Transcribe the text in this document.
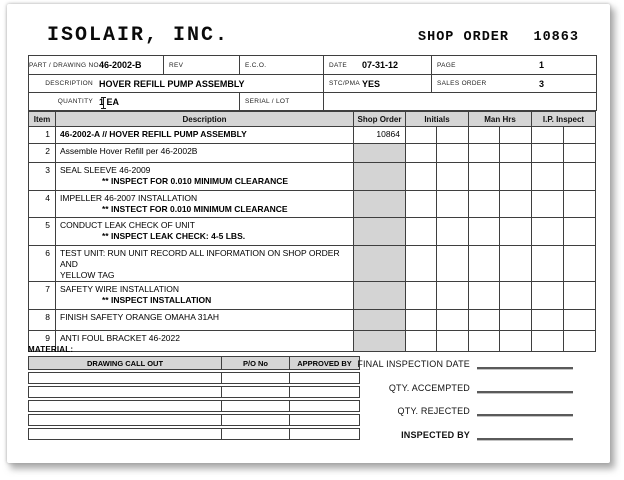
ISOLAIR, INC.	SHOP ORDER 10863
PART / DRAWING NO 46-2002-B	REV	E.C.O.	DATE	07-31-12	PAGE	1
DESCRIPTION HOVER REFILL PUMP ASSEMBLY	STC/PMA YES	SALES ORDER	3
QUANTITY 1 EA	SERIAL / LOT
Item	Description	Shop Order	Initials		Man Hrs		I.P. Inspect	
1	46-2002-A // HOVER REFILL PUMP ASSEMBLY	10864						
2	Assemble Hover Refill per 46-2002B							

3	SEAL SLEEVE 46-2009
** INSPECT FOR 0.010 MINIMUM CLEARANCE							

4	IMPELLER 46-2007 INSTALLATION
** INSTECT FOR 0.010 MINIMUM CLEARANCE							

5	CONDUCT LEAK CHECK OF UNIT
** INSPECT LEAK CHECK: 4-5 LBS.							

6	TEST UNIT: RUN UNIT RECORD ALL INFORMATION ON SHOP ORDER AND
YELLOW TAG							

7	SAFETY WIRE INSTALLATION
** INSPECT INSTALLATION							

8	FINISH SAFETY ORANGE OMAHA 31AH							

9	ANTI FOUL BRACKET 46-2022							

MATERIAL:
DRAWING CALL OUT	P/O No	APPROVED BY

		FINAL INSPECTION DATE
QTY. ACCEMPTED
QTY. REJECTED
INSPECTED BY
